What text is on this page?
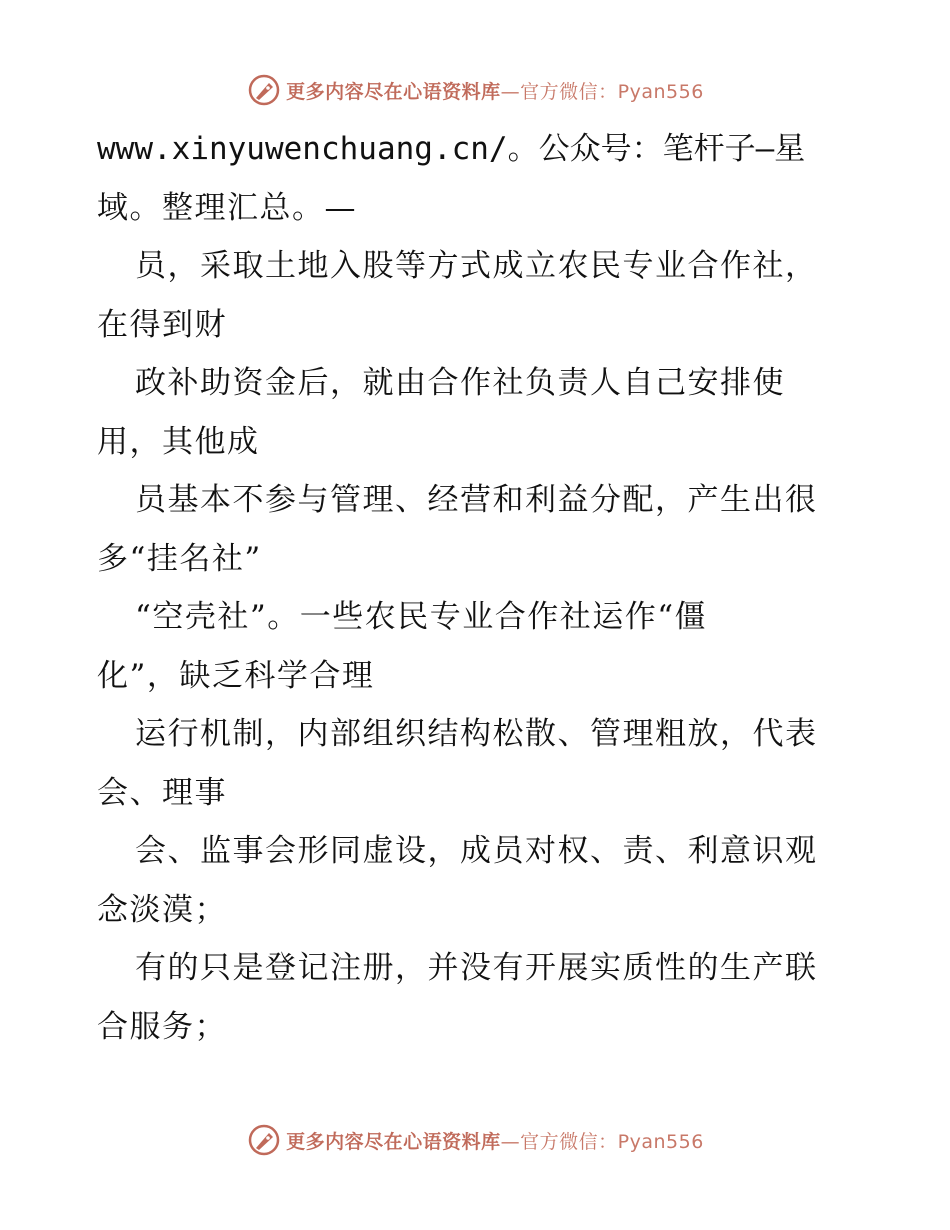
更多内容尽在心语资料库—官方微信：Pyan556
www.xinyuwenchuang.cn/。公众号：笔杆子—星
域。整理汇总。—
员，采取土地入股等方式成立农民专业合作社，
在得到财
政补助资金后，就由合作社负责人自己安排使
用，其他成
员基本不参与管理、经营和利益分配，产生出很
多“挂名社”
“空壳社”。一些农民专业合作社运作“僵
化”，缺乏科学合理
运行机制，内部组织结构松散、管理粗放，代表
会、理事
会、监事会形同虚设，成员对权、责、利意识观
念淡漠；
有的只是登记注册，并没有开展实质性的生产联
合服务；
更多内容尽在心语资料库—官方微信：Pyan556
